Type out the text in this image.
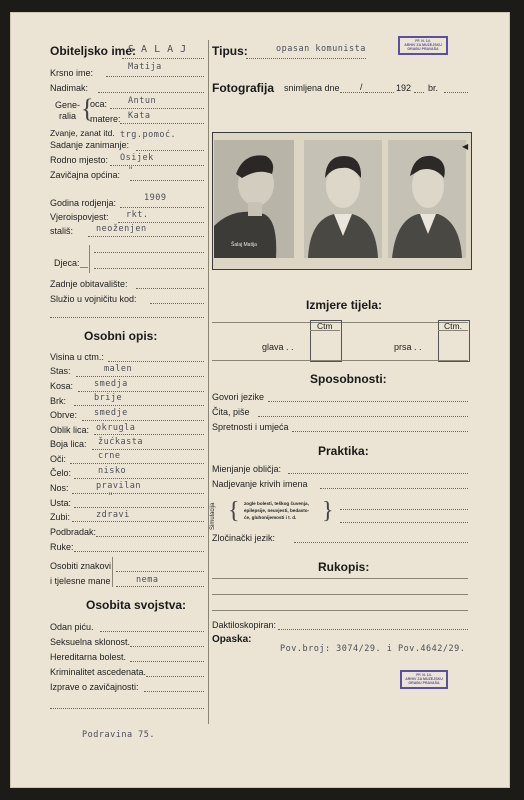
Obiteljsko ime:
S A L A J
Krsno ime:
Matija
Nadimak:
Gene-
ralia {
oca: Antun
matere: Kata
Zvanje, zanat itd. trg.pomoć.
Sadanje zanimanje:
Rodno mjesto: Osijek
Zavičajna općina: "
Godina rodjenja:	1909
Vjeroispovjest: rkt.
stališ:	neoženjen
Djeca:
Zadnje obitavalište:
Služio u vojničitu kod:
Osobni opis:
Visina u ctm.:
Stas:	malen
Kosa: smedja
Brk:	brije
Obrve: smedje
Oblik lica: okrugla
Boja lica: žućkasta
Oči:	crne
Čelo:	nisko
Nos:	pravilan
Usta:
"
Zubi:	zdravi
Podbradak:
Ruke:
Osobiti znakovi
i tjelesne mane	nema
Osobita svojstva:
Odan piću.
Seksuelna sklonost.
Hereditarna bolest.
Kriminalitet ascedenata.
Izprave o zavičajnosti:
Podravina 75.
Tipus:	opasan komunista
FF. N. 14.
ARHIV ZA MUZEJSKU
GRAĐU PRAVAŠA
Fotografija snimljena dne /	192 br.
Šalaj Matija
◀
Izmjere tijela:
Ctm	Ctm.
glava . .	prsa . .
Sposobnosti:
Govori jezike
Čita, piše
Spretnosti i umjeća
Praktika:
Mienjanje obličja:
Nadjevanje krivih imena
Simulacija { zogle bolesti, teškog čuvenja,
epilepsije, neuvjesti, bedasto-
će, gluhonijemosti i t. d. }
Zločinački jezik:
Rukopis:
Daktiloskopiran:
Opaska:
Pov.broj: 3074/29. i Pov.4642/29.
FF. N. 14.
ARHIV ZA MUZEJSKU
GRAĐU PRAVAŠA
